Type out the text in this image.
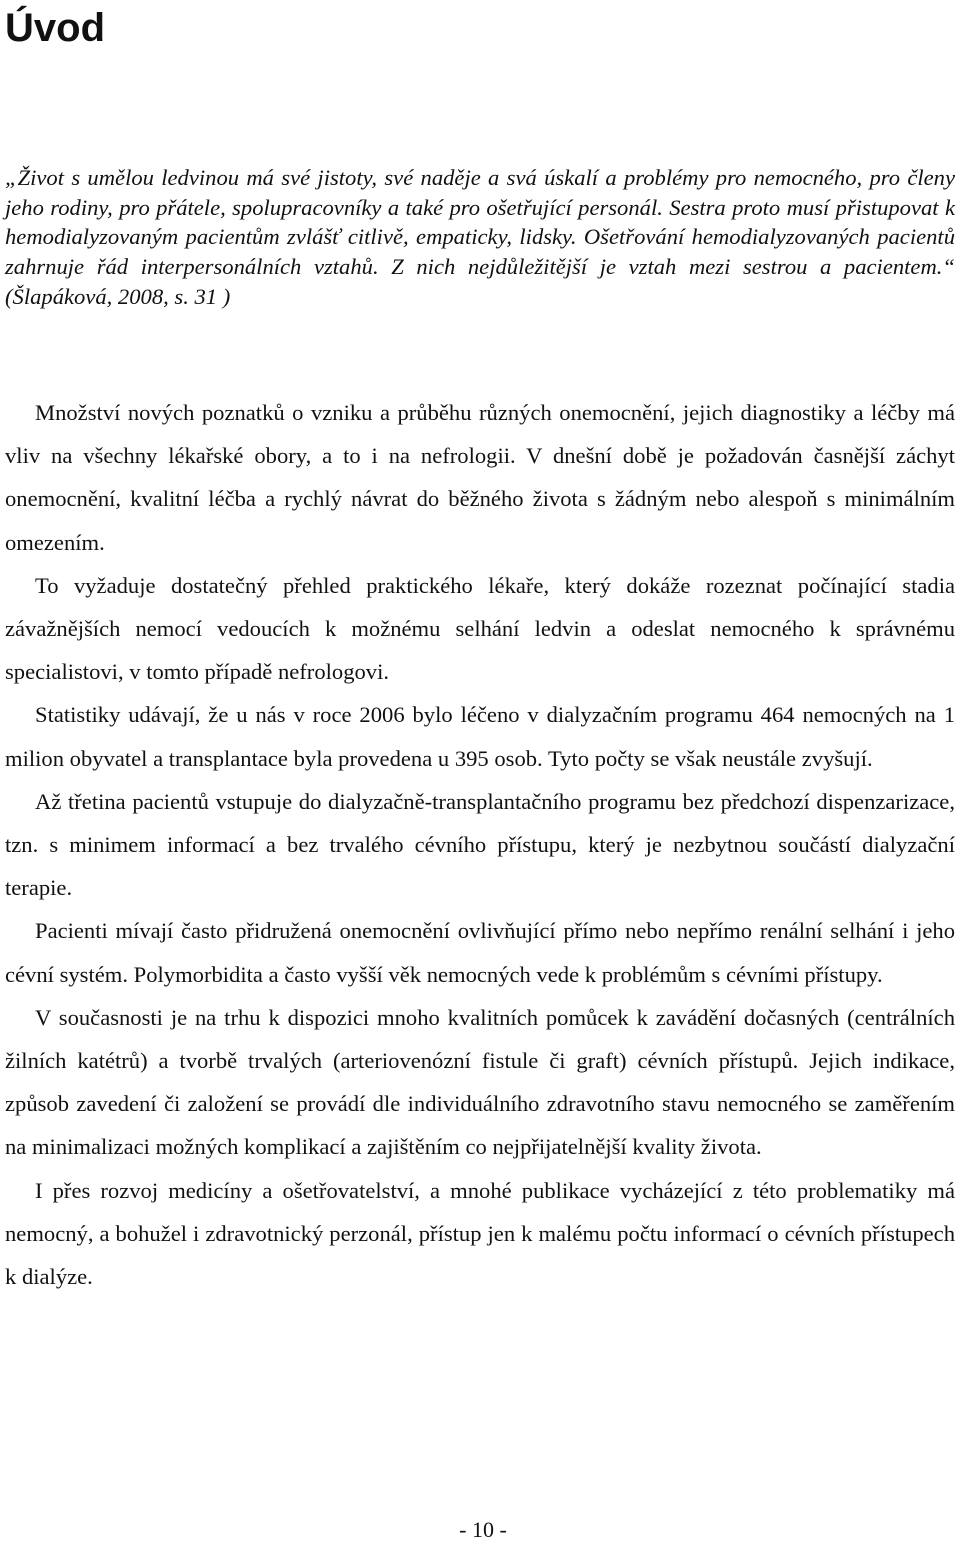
Úvod

„Život s umělou ledvinou má své jistoty, své naděje a svá úskalí a problémy pro nemocného, pro členy jeho rodiny, pro přátele, spolupracovníky a také pro ošetřující personál. Sestra proto musí přistupovat k hemodialyzovaným pacientům zvlášť citlivě, empaticky, lidsky. Ošetřování hemodialyzovaných pacientů zahrnuje řád interpersonálních vztahů. Z nich nejdůležitější je vztah mezi sestrou a pacientem.“ (Šlapáková, 2008, s. 31 )

Množství nových poznatků o vzniku a průběhu různých onemocnění, jejich diagnostiky a léčby má vliv na všechny lékařské obory, a to i na nefrologii. V dnešní době je požadován časnější záchyt onemocnění, kvalitní léčba a rychlý návrat do běžného života s žádným nebo alespoň s minimálním omezením.

To vyžaduje dostatečný přehled praktického lékaře, který dokáže rozeznat počínající stadia závažnějších nemocí vedoucích k možnému selhání ledvin a odeslat nemocného k správnému specialistovi, v tomto případě nefrologovi.

Statistiky udávají, že u nás v roce 2006 bylo léčeno v dialyzačním programu 464 nemocných na 1 milion obyvatel a transplantace byla provedena u 395 osob. Tyto počty se však neustále zvyšují.

Až třetina pacientů vstupuje do dialyzačně-transplantačního programu bez předchozí dispenzarizace, tzn. s minimem informací a bez trvalého cévního přístupu, který je nezbytnou součástí dialyzační terapie.

Pacienti mívají často přidružená onemocnění ovlivňující přímo nebo nepřímo renální selhání i jeho cévní systém. Polymorbidita a často vyšší věk nemocných vede k problémům s cévními přístupy.

V současnosti je na trhu k dispozici mnoho kvalitních pomůcek k zavádění dočasných (centrálních žilních katétrů) a tvorbě trvalých (arteriovenózní fistule či graft) cévních přístupů. Jejich indikace, způsob zavedení či založení se provádí dle individuálního zdravotního stavu nemocného se zaměřením na minimalizaci možných komplikací a zajištěním co nejpřijatelnější kvality života.

I přes rozvoj medicíny a ošetřovatelství, a mnohé publikace vycházející z této problematiky má nemocný, a bohužel i zdravotnický perzonál, přístup jen k malému počtu informací o cévních přístupech k dialýze.

- 10 -
